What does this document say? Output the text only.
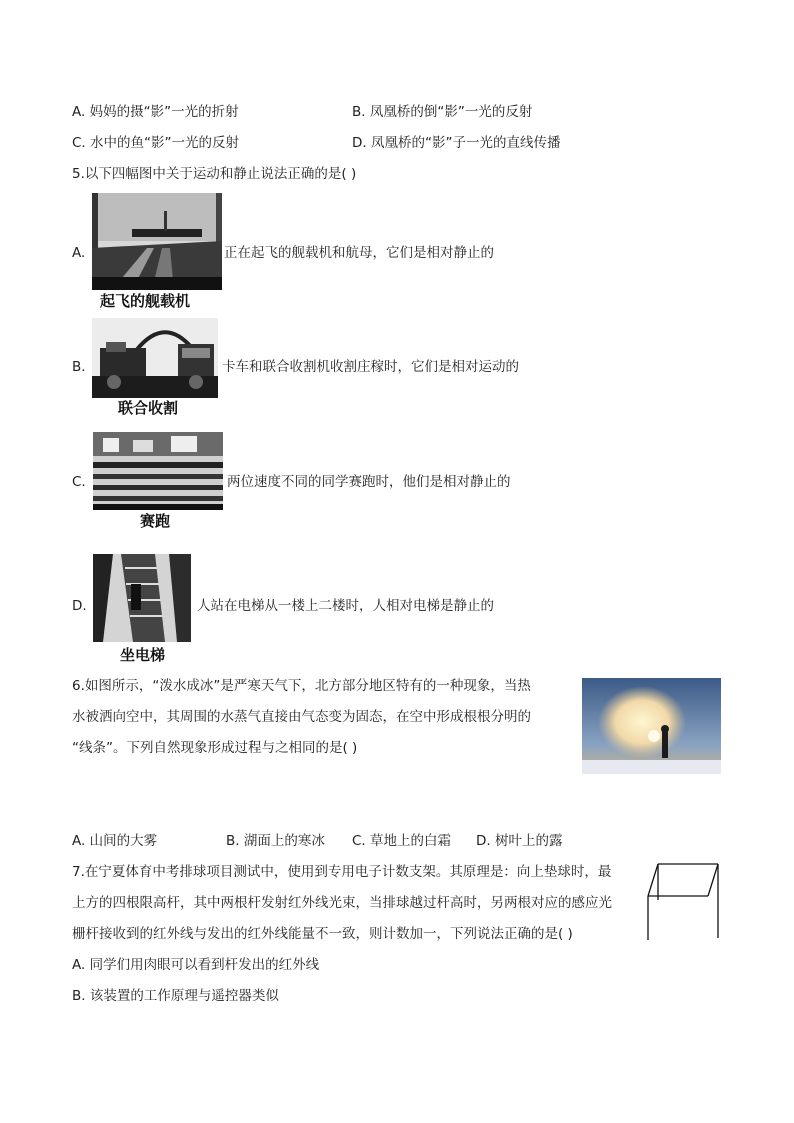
A. 妈妈的摄“影”一光的折射	B. 凤凰桥的倒“影”一光的反射
C. 水中的鱼“影”一光的反射	D. 凤凰桥的“影”子一光的直线传播
5.以下四幅图中关于运动和静止说法正确的是( )
A.
起飞的舰载机
正在起飞的舰载机和航母，它们是相对静止的
B.
联合收割
卡车和联合收割机收割庄稼时，它们是相对运动的
C.
赛跑
两位速度不同的同学赛跑时，他们是相对静止的
D.
坐电梯
人站在电梯从一楼上二楼时，人相对电梯是静止的
6.如图所示，“泼水成冰”是严寒天气下，北方部分地区特有的一种现象，当热
水被洒向空中，其周围的水蒸气直接由气态变为固态，在空中形成根根分明的
“线条”。下列自然现象形成过程与之相同的是( )
A. 山间的大雾	B. 湖面上的寒冰 C. 草地上的白霜 D. 树叶上的露
7.在宁夏体育中考排球项目测试中，使用到专用电子计数支架。其原理是：向上垫球时，最
上方的四根限高杆，其中两根杆发射红外线光束，当排球越过杆高时，另两根对应的感应光
栅杆接收到的红外线与发出的红外线能量不一致，则计数加一，下列说法正确的是( )
A. 同学们用肉眼可以看到杆发出的红外线
B. 该装置的工作原理与遥控器类似
